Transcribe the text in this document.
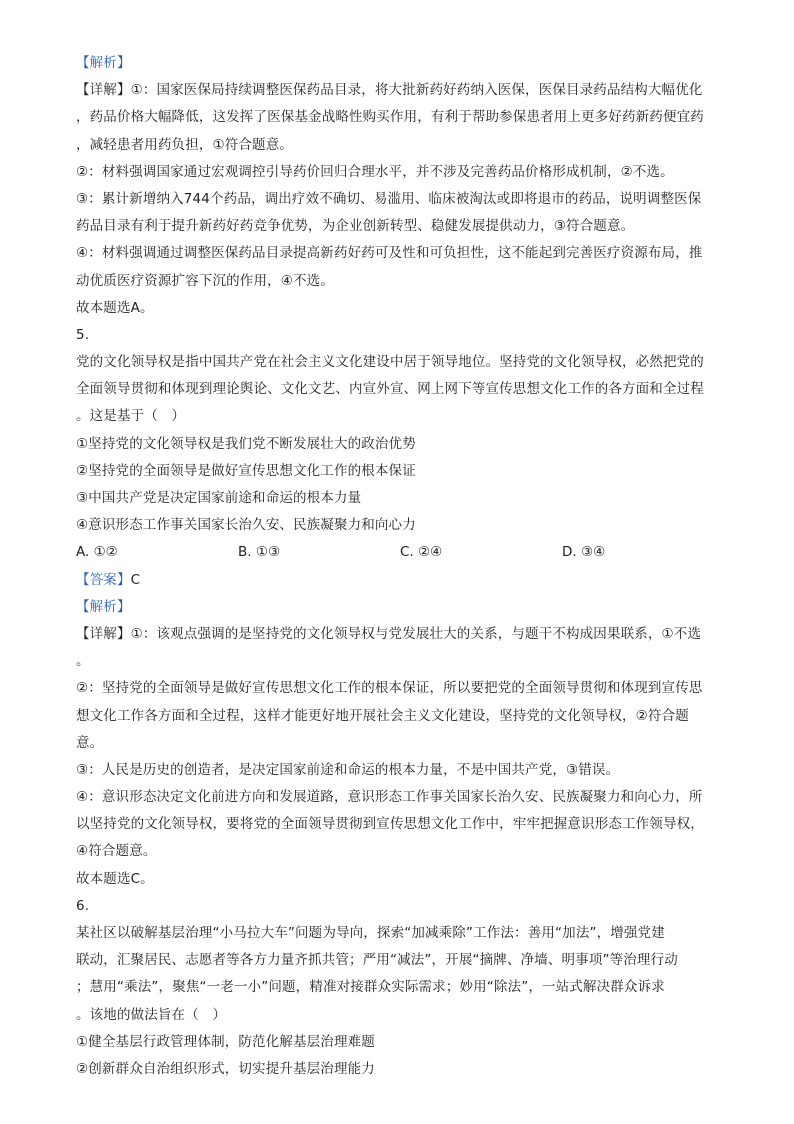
【解析】
【详解】①：国家医保局持续调整医保药品目录，将大批新药好药纳入医保，医保目录药品结构大幅优化
，药品价格大幅降低，这发挥了医保基金战略性购买作用，有利于帮助参保患者用上更多好药新药便宜药
，减轻患者用药负担，①符合题意。
②：材料强调国家通过宏观调控引导药价回归合理水平，并不涉及完善药品价格形成机制，②不选。
③：累计新增纳入744个药品，调出疗效不确切、易滥用、临床被淘汰或即将退市的药品，说明调整医保
药品目录有利于提升新药好药竞争优势，为企业创新转型、稳健发展提供动力，③符合题意。
④：材料强调通过调整医保药品目录提高新药好药可及性和可负担性，这不能起到完善医疗资源布局，推
动优质医疗资源扩容下沉的作用，④不选。
故本题选A。
5.
党的文化领导权是指中国共产党在社会主义文化建设中居于领导地位。坚持党的文化领导权，必然把党的
全面领导贯彻和体现到理论舆论、文化文艺、内宣外宣、网上网下等宣传思想文化工作的各方面和全过程
。这是基于（　）
①坚持党的文化领导权是我们党不断发展壮大的政治优势
②坚持党的全面领导是做好宣传思想文化工作的根本保证
③中国共产党是决定国家前途和命运的根本力量
④意识形态工作事关国家长治久安、民族凝聚力和向心力
A. ①②	B. ①③	C. ②④	D. ③④
【答案】C
【解析】
【详解】①：该观点强调的是坚持党的文化领导权与党发展壮大的关系，与题干不构成因果联系，①不选
。
②：坚持党的全面领导是做好宣传思想文化工作的根本保证，所以要把党的全面领导贯彻和体现到宣传思
想文化工作各方面和全过程，这样才能更好地开展社会主义文化建设，坚持党的文化领导权，②符合题
意。
③：人民是历史的创造者，是决定国家前途和命运的根本力量，不是中国共产党，③错误。
④：意识形态决定文化前进方向和发展道路，意识形态工作事关国家长治久安、民族凝聚力和向心力，所
以坚持党的文化领导权，要将党的全面领导贯彻到宣传思想文化工作中，牢牢把握意识形态工作领导权，
④符合题意。
故本题选C。
6.
某社区以破解基层治理“小马拉大车”问题为导向，探索“加减乘除”工作法：善用“加法”，增强党建
联动，汇聚居民、志愿者等各方力量齐抓共管；严用“减法”，开展“摘牌、净墙、明事项”等治理行动
；慧用“乘法”，聚焦“一老一小”问题，精准对接群众实际需求；妙用“除法”，一站式解决群众诉求
。该地的做法旨在（　）
①健全基层行政管理体制，防范化解基层治理难题
②创新群众自治组织形式，切实提升基层治理能力
